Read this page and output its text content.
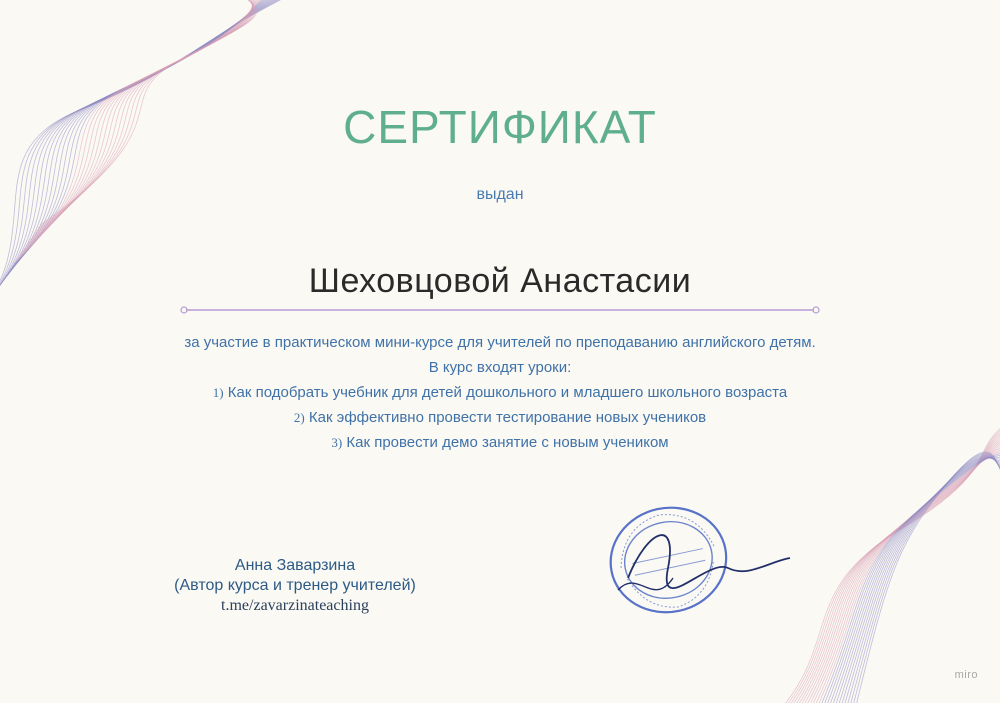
СЕРТИФИКАТ
выдан
Шеховцовой Анастасии
за участие в практическом мини-курсе для учителей по преподаванию английского детям.
В курс входят уроки:
1) Как подобрать учебник для детей дошкольного и младшего школьного возраста
2) Как эффективно провести тестирование новых учеников
3) Как провести демо занятие с новым учеником
Анна Заварзина
(Автор курса и тренер учителей)
t.me/zavarzinateaching
miro
